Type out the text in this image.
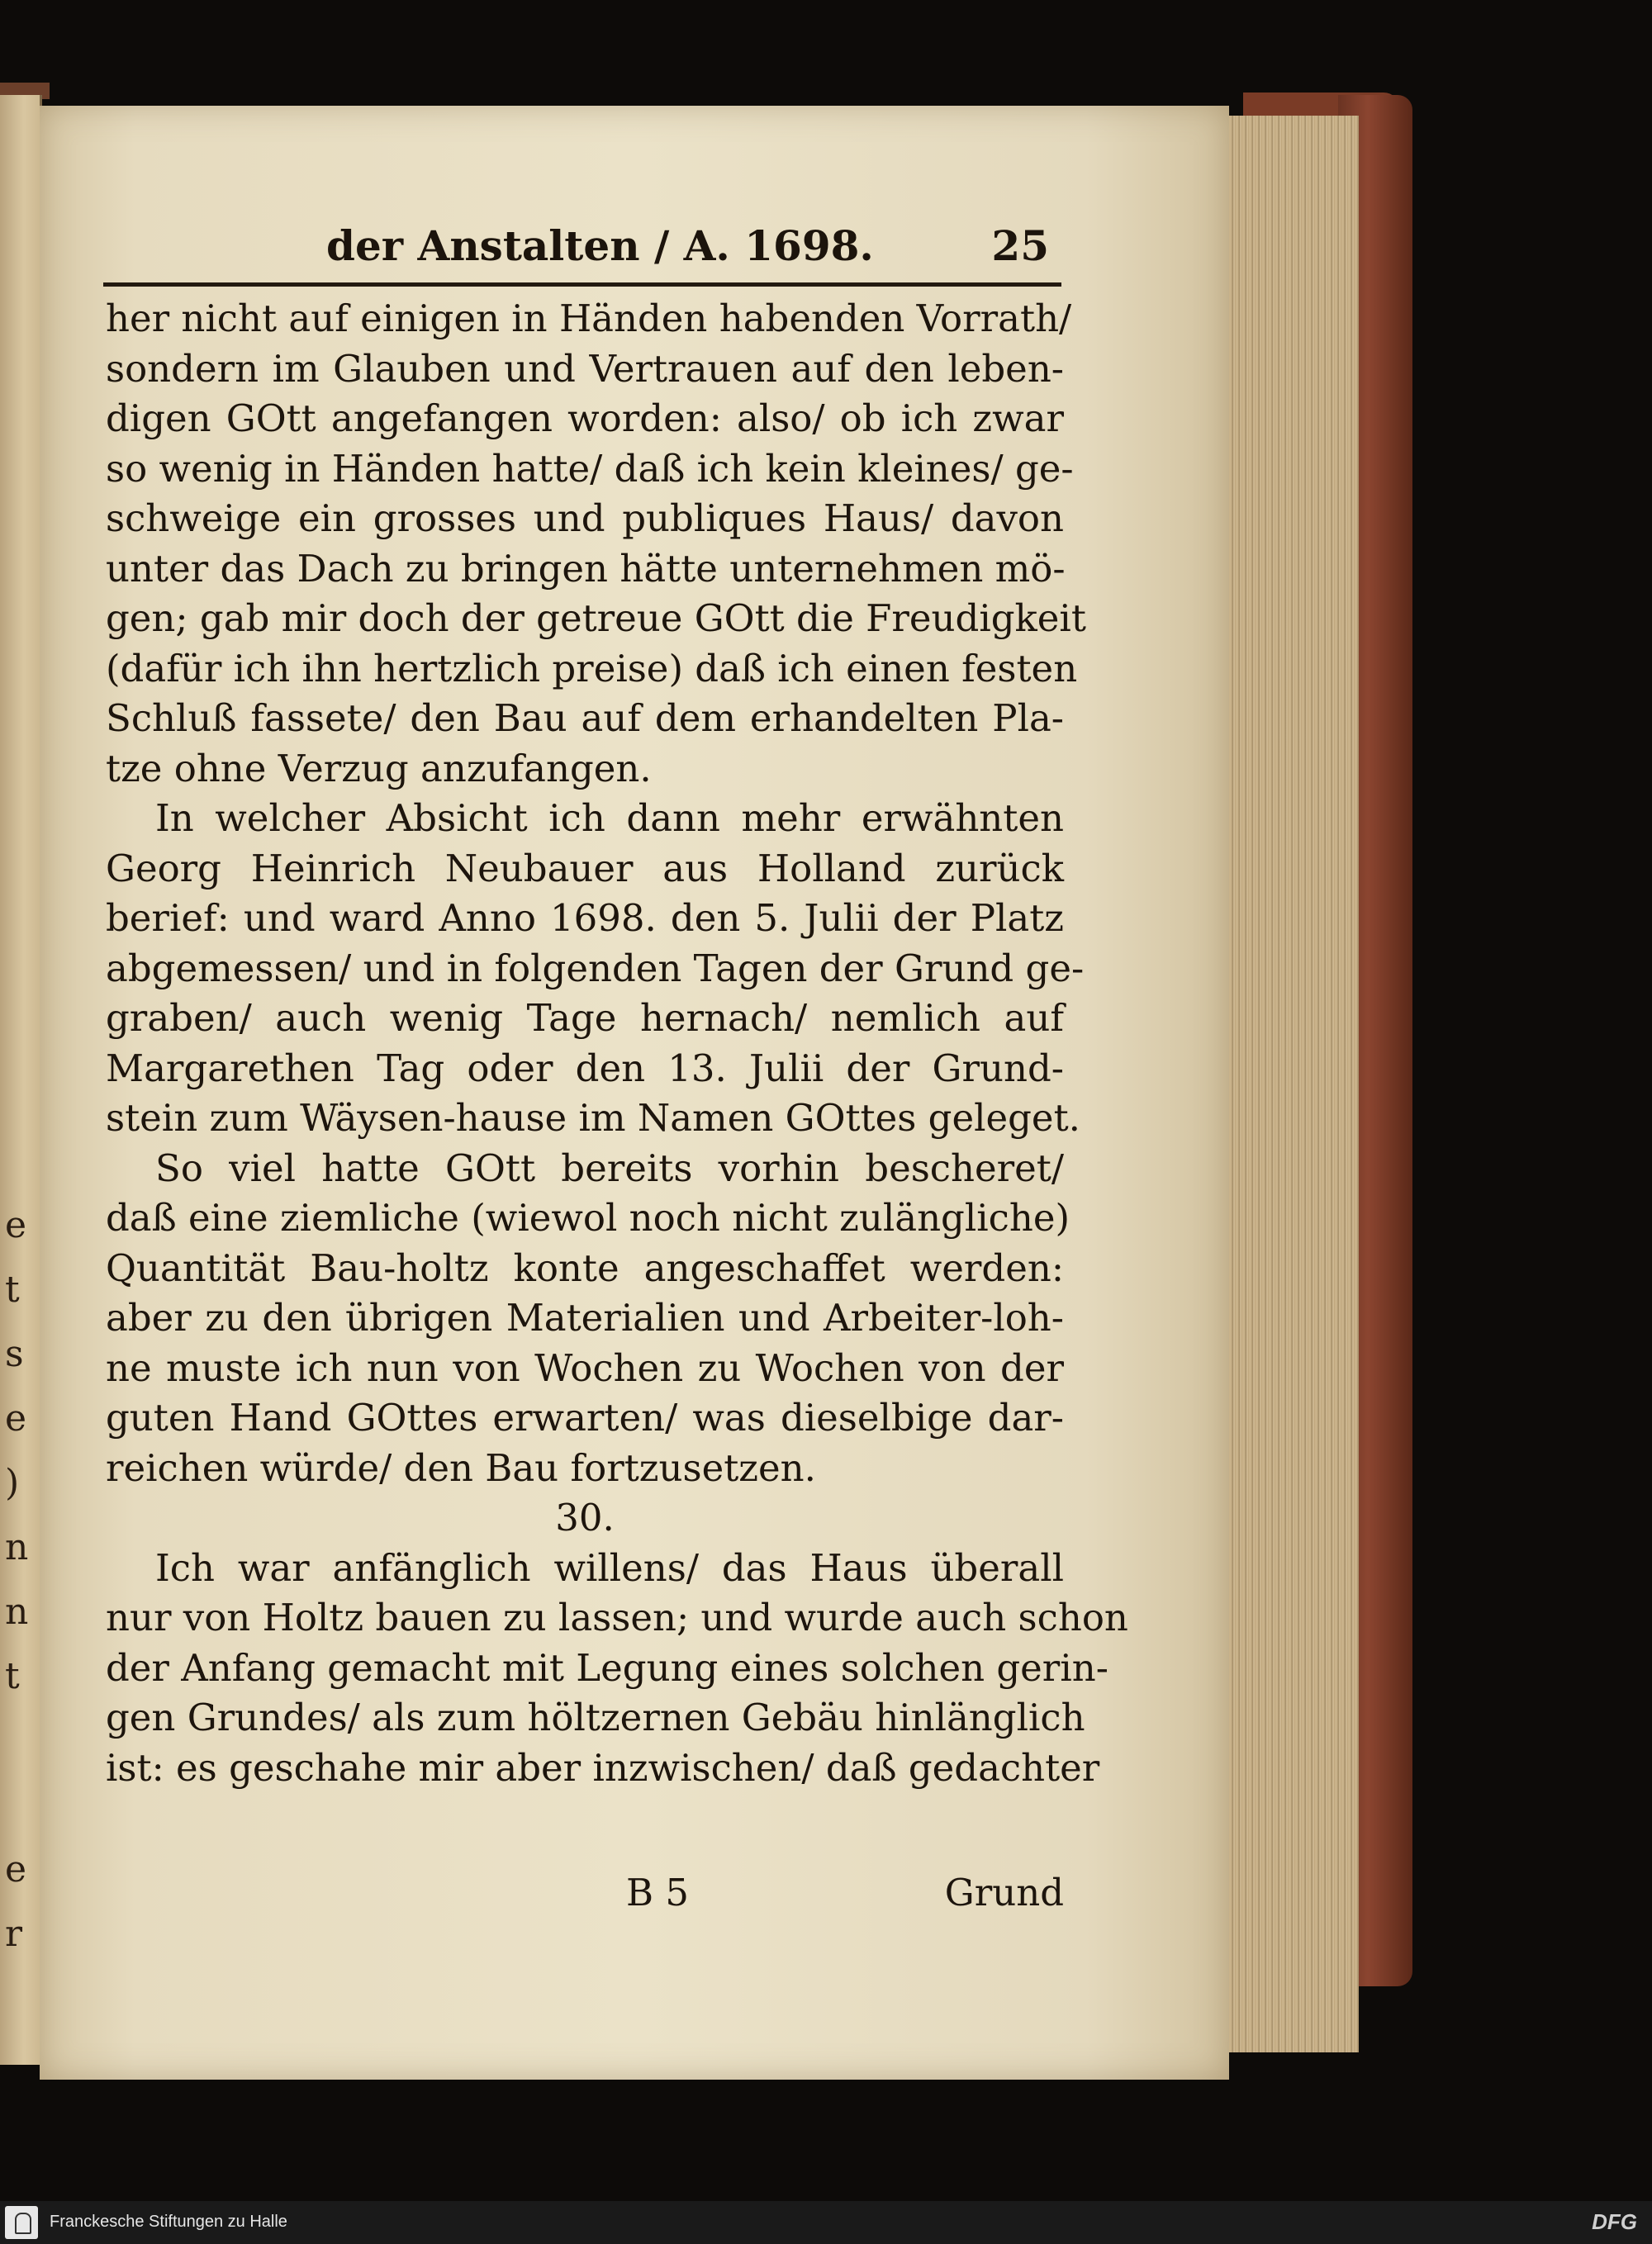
e
t
s
e
)
n
n
t

e
r
der Anstalten / A. 1698.	25
her nicht auf einigen in Händen habenden Vorrath/
sondern im Glauben und Vertrauen auf den leben-
digen GOtt angefangen worden: also/ ob ich zwar
so wenig in Händen hatte/ daß ich kein kleines/ ge-
schweige ein grosses und publiques Haus/ davon
unter das Dach zu bringen hätte unternehmen mö-
gen; gab mir doch der getreue GOtt die Freudigkeit
(dafür ich ihn hertzlich preise) daß ich einen festen
Schluß fassete/ den Bau auf dem erhandelten Pla-
tze ohne Verzug anzufangen.
In welcher Absicht ich dann mehr erwähnten
Georg Heinrich Neubauer aus Holland zurück
berief: und ward Anno 1698. den 5. Julii der Platz
abgemessen/ und in folgenden Tagen der Grund ge-
graben/ auch wenig Tage hernach/ nemlich auf
Margarethen Tag oder den 13. Julii der Grund-
stein zum Wäysen-hause im Namen GOttes geleget.
So viel hatte GOtt bereits vorhin bescheret/
daß eine ziemliche (wiewol noch nicht zulängliche)
Quantität Bau-holtz konte angeschaffet werden:
aber zu den übrigen Materialien und Arbeiter-loh-
ne muste ich nun von Wochen zu Wochen von der
guten Hand GOttes erwarten/ was dieselbige dar-
reichen würde/ den Bau fortzusetzen.
30.
Ich war anfänglich willens/ das Haus überall
nur von Holtz bauen zu lassen; und wurde auch schon
der Anfang gemacht mit Legung eines solchen gerin-
gen Grundes/ als zum höltzernen Gebäu hinlänglich
ist: es geschahe mir aber inzwischen/ daß gedachter
B 5	Grund
Franckesche Stiftungen zu Halle	DFG
